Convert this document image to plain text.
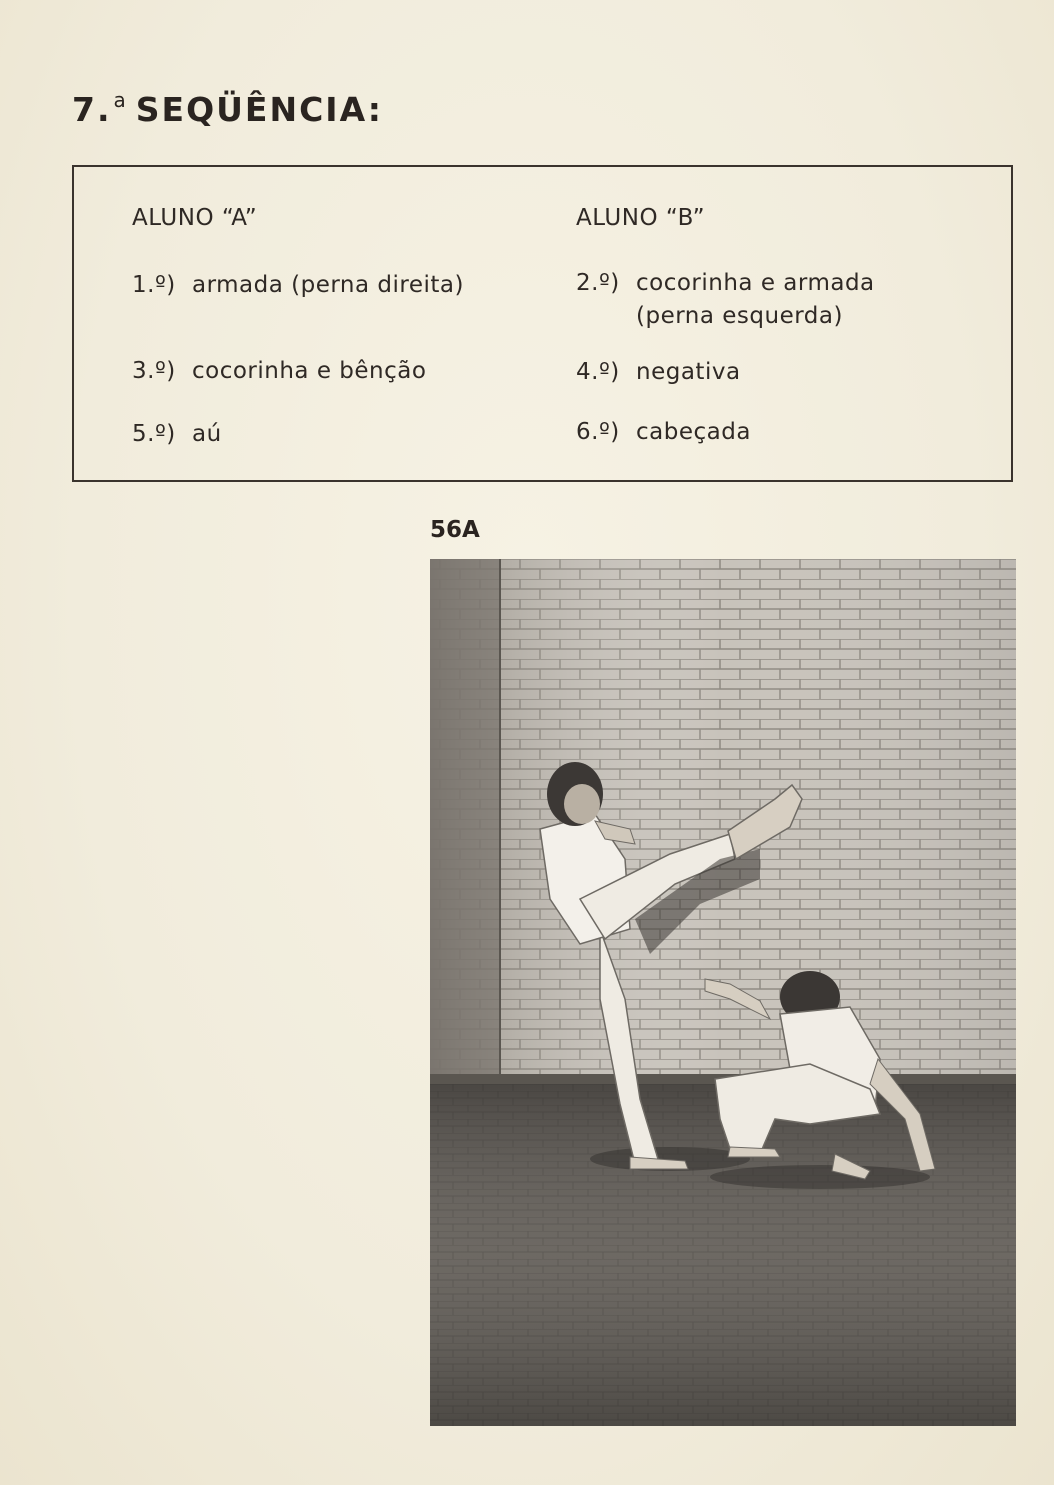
7. $^a$ SEQÜÊNCIA:
ALUNO “A”
1.º) armada (perna direita)
3.º) cocorinha e bênção
5.º) aú
ALUNO “B”
2.º) cocorinha e armada
(perna esquerda)
4.º) negativa
6.º) cabeçada
56A
